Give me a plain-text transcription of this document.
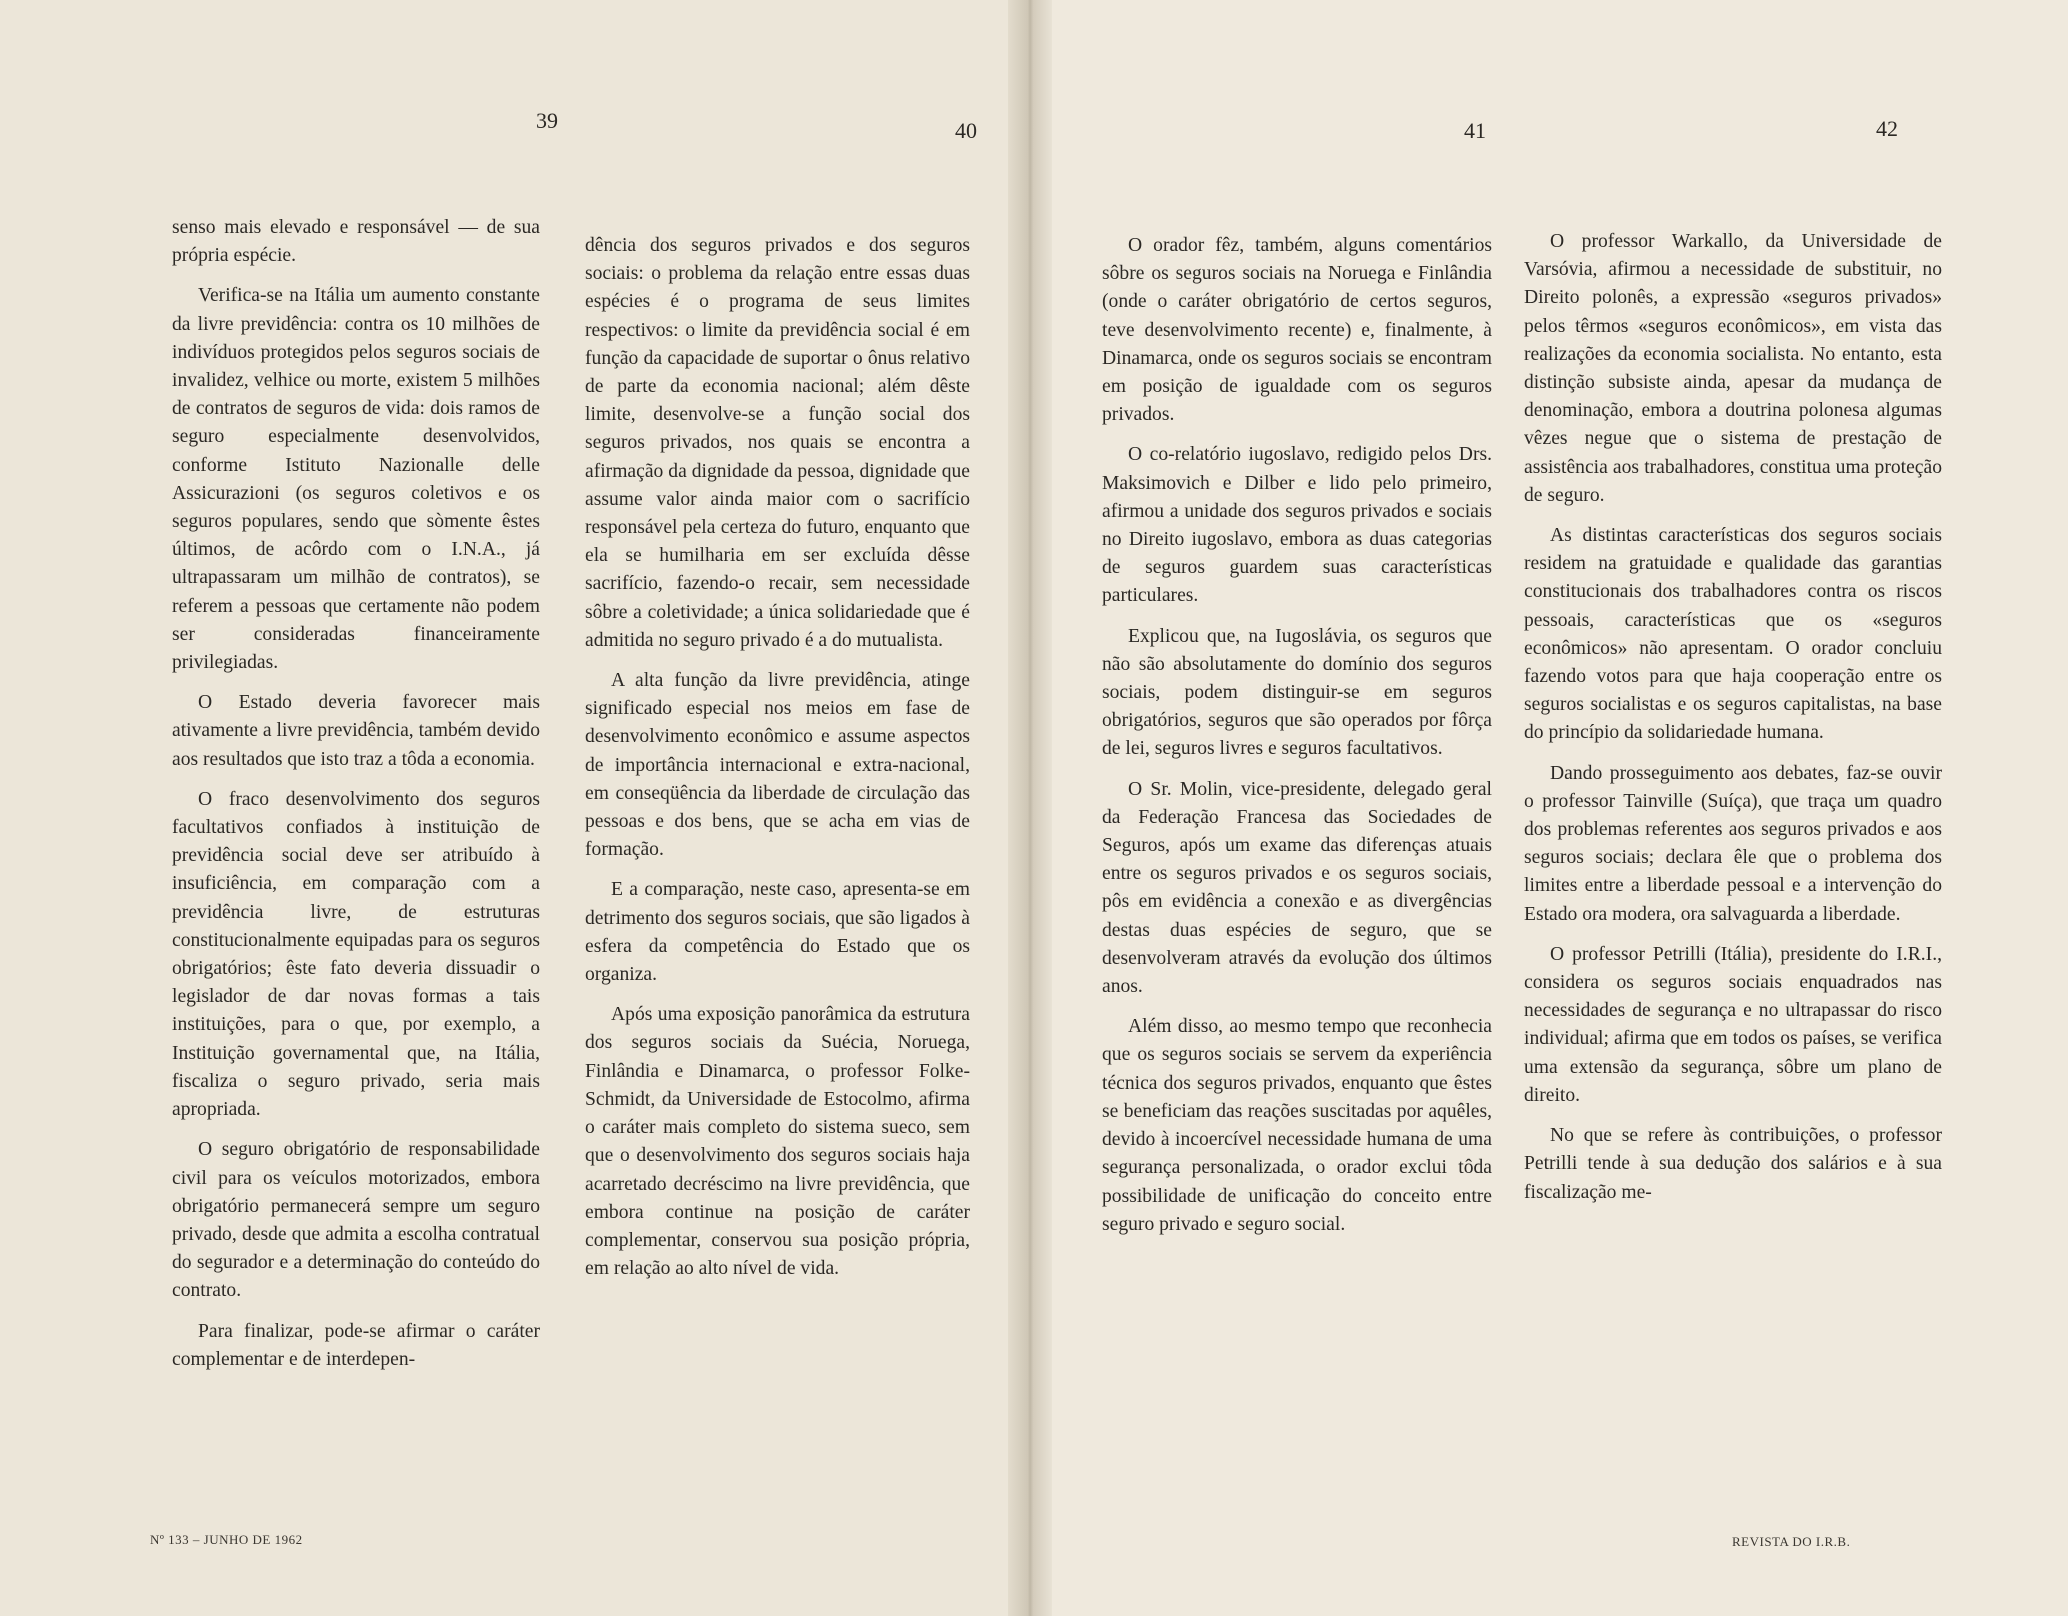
39	40

senso mais elevado e responsável — de sua própria espécie.

Verifica-se na Itália um aumento constante da livre previdência: contra os 10 milhões de indivíduos protegidos pelos seguros sociais de invalidez, velhice ou morte, existem 5 milhões de contratos de seguros de vida: dois ramos de seguro especialmente desenvolvidos, conforme Istituto Nazionalle delle Assicurazioni (os seguros coletivos e os seguros populares, sendo que sòmente êstes últimos, de acôrdo com o I.N.A., já ultrapassaram um milhão de contratos), se referem a pessoas que certamente não podem ser consideradas financeiramente privilegiadas.

O Estado deveria favorecer mais ativamente a livre previdência, também devido aos resultados que isto traz a tôda a economia.

O fraco desenvolvimento dos seguros facultativos confiados à instituição de previdência social deve ser atribuído à insuficiência, em comparação com a previdência livre, de estruturas constitucionalmente equipadas para os seguros obrigatórios; êste fato deveria dissuadir o legislador de dar novas formas a tais instituições, para o que, por exemplo, a Instituição governamental que, na Itália, fiscaliza o seguro privado, seria mais apropriada.

O seguro obrigatório de responsabilidade civil para os veículos motorizados, embora obrigatório permanecerá sempre um seguro privado, desde que admita a escolha contratual do segurador e a determinação do conteúdo do contrato.

Para finalizar, pode-se afirmar o caráter complementar e de interdepen-

dência dos seguros privados e dos seguros sociais: o problema da relação entre essas duas espécies é o programa de seus limites respectivos: o limite da previdência social é em função da capacidade de suportar o ônus relativo de parte da economia nacional; além dêste limite, desenvolve-se a função social dos seguros privados, nos quais se encontra a afirmação da dignidade da pessoa, dignidade que assume valor ainda maior com o sacrifício responsável pela certeza do futuro, enquanto que ela se humilharia em ser excluída dêsse sacrifício, fazendo-o recair, sem necessidade sôbre a coletividade; a única solidariedade que é admitida no seguro privado é a do mutualista.

A alta função da livre previdência, atinge significado especial nos meios em fase de desenvolvimento econômico e assume aspectos de importância internacional e extra-nacional, em conseqüência da liberdade de circulação das pessoas e dos bens, que se acha em vias de formação.

E a comparação, neste caso, apresenta-se em detrimento dos seguros sociais, que são ligados à esfera da competência do Estado que os organiza.

Após uma exposição panorâmica da estrutura dos seguros sociais da Suécia, Noruega, Finlândia e Dinamarca, o professor Folke-Schmidt, da Universidade de Estocolmo, afirma o caráter mais completo do sistema sueco, sem que o desenvolvimento dos seguros sociais haja acarretado decréscimo na livre previdência, que embora continue na posição de caráter complementar, conservou sua posição própria, em relação ao alto nível de vida.

Nº 133 – JUNHO DE 1962
41	42

O orador fêz, também, alguns comentários sôbre os seguros sociais na Noruega e Finlândia (onde o caráter obrigatório de certos seguros, teve desenvolvimento recente) e, finalmente, à Dinamarca, onde os seguros sociais se encontram em posição de igualdade com os seguros privados.

O co-relatório iugoslavo, redigido pelos Drs. Maksimovich e Dilber e lido pelo primeiro, afirmou a unidade dos seguros privados e sociais no Direito iugoslavo, embora as duas categorias de seguros guardem suas características particulares.

Explicou que, na Iugoslávia, os seguros que não são absolutamente do domínio dos seguros sociais, podem distinguir-se em seguros obrigatórios, seguros que são operados por fôrça de lei, seguros livres e seguros facultativos.

O Sr. Molin, vice-presidente, delegado geral da Federação Francesa das Sociedades de Seguros, após um exame das diferenças atuais entre os seguros privados e os seguros sociais, pôs em evidência a conexão e as divergências destas duas espécies de seguro, que se desenvolveram através da evolução dos últimos anos.

Além disso, ao mesmo tempo que reconhecia que os seguros sociais se servem da experiência técnica dos seguros privados, enquanto que êstes se beneficiam das reações suscitadas por aquêles, devido à incoercível necessidade humana de uma segurança personalizada, o orador exclui tôda possibilidade de unificação do conceito entre seguro privado e seguro social.

O professor Warkallo, da Universidade de Varsóvia, afirmou a necessidade de substituir, no Direito polonês, a expressão «seguros privados» pelos têrmos «seguros econômicos», em vista das realizações da economia socialista. No entanto, esta distinção subsiste ainda, apesar da mudança de denominação, embora a doutrina polonesa algumas vêzes negue que o sistema de prestação de assistência aos trabalhadores, constitua uma proteção de seguro.

As distintas características dos seguros sociais residem na gratuidade e qualidade das garantias constitucionais dos trabalhadores contra os riscos pessoais, características que os «seguros econômicos» não apresentam. O orador concluiu fazendo votos para que haja cooperação entre os seguros socialistas e os seguros capitalistas, na base do princípio da solidariedade humana.

Dando prosseguimento aos debates, faz-se ouvir o professor Tainville (Suíça), que traça um quadro dos problemas referentes aos seguros privados e aos seguros sociais; declara êle que o problema dos limites entre a liberdade pessoal e a intervenção do Estado ora modera, ora salvaguarda a liberdade.

O professor Petrilli (Itália), presidente do I.R.I., considera os seguros sociais enquadrados nas necessidades de segurança e no ultrapassar do risco individual; afirma que em todos os países, se verifica uma extensão da segurança, sôbre um plano de direito.

No que se refere às contribuições, o professor Petrilli tende à sua dedução dos salários e à sua fiscalização me-

REVISTA DO I.R.B.
